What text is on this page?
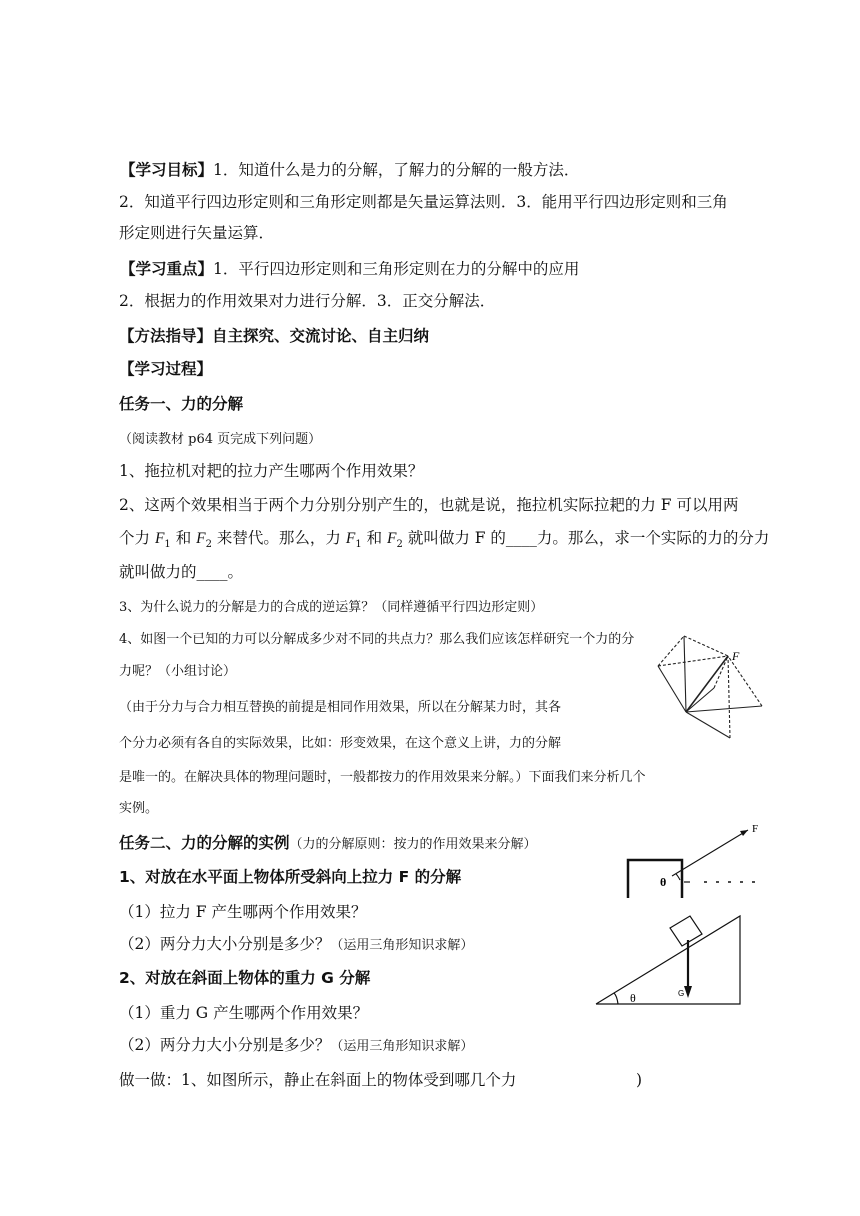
【学习目标】1．知道什么是力的分解，了解力的分解的一般方法．
2．知道平行四边形定则和三角形定则都是矢量运算法则．3．能用平行四边形定则和三角
形定则进行矢量运算．
【学习重点】1．平行四边形定则和三角形定则在力的分解中的应用
2．根据力的作用效果对力进行分解．3．正交分解法．
【方法指导】自主探究、交流讨论、自主归纳
【学习过程】
任务一、力的分解
（阅读教材 p64 页完成下列问题）
1、拖拉机对耙的拉力产生哪两个作用效果？
2、这两个效果相当于两个力分别分别产生的，也就是说，拖拉机实际拉耙的力 F 可以用两
个力 $F_1$ 和 $F_2$ 来替代。那么，力 $F_1$ 和 $F_2$ 就叫做力 F 的____力。那么，求一个实际的力的分力
就叫做力的____。
3、为什么说力的分解是力的合成的逆运算？（同样遵循平行四边形定则）
4、如图一个已知的力可以分解成多少对不同的共点力？那么我们应该怎样研究一个力的分
力呢？（小组讨论）
（由于分力与合力相互替换的前提是相同作用效果，所以在分解某力时，其各
个分力必须有各自的实际效果，比如：形变效果，在这个意义上讲，力的分解
是唯一的。在解决具体的物理问题时，一般都按力的作用效果来分解。）下面我们来分析几个
实例。
F
任务二、力的分解的实例（力的分解原则：按力的作用效果来分解）
1、对放在水平面上物体所受斜向上拉力 F 的分解
（1）拉力 F 产生哪两个作用效果？
（2）两分力大小分别是多少？（运用三角形知识求解）
2、对放在斜面上物体的重力 G 分解
（1）重力 G 产生哪两个作用效果？
（2）两分力大小分别是多少？（运用三角形知识求解）
F
θ
G
θ
做一做：1、如图所示，静止在斜面上的物体受到哪几个力	)
